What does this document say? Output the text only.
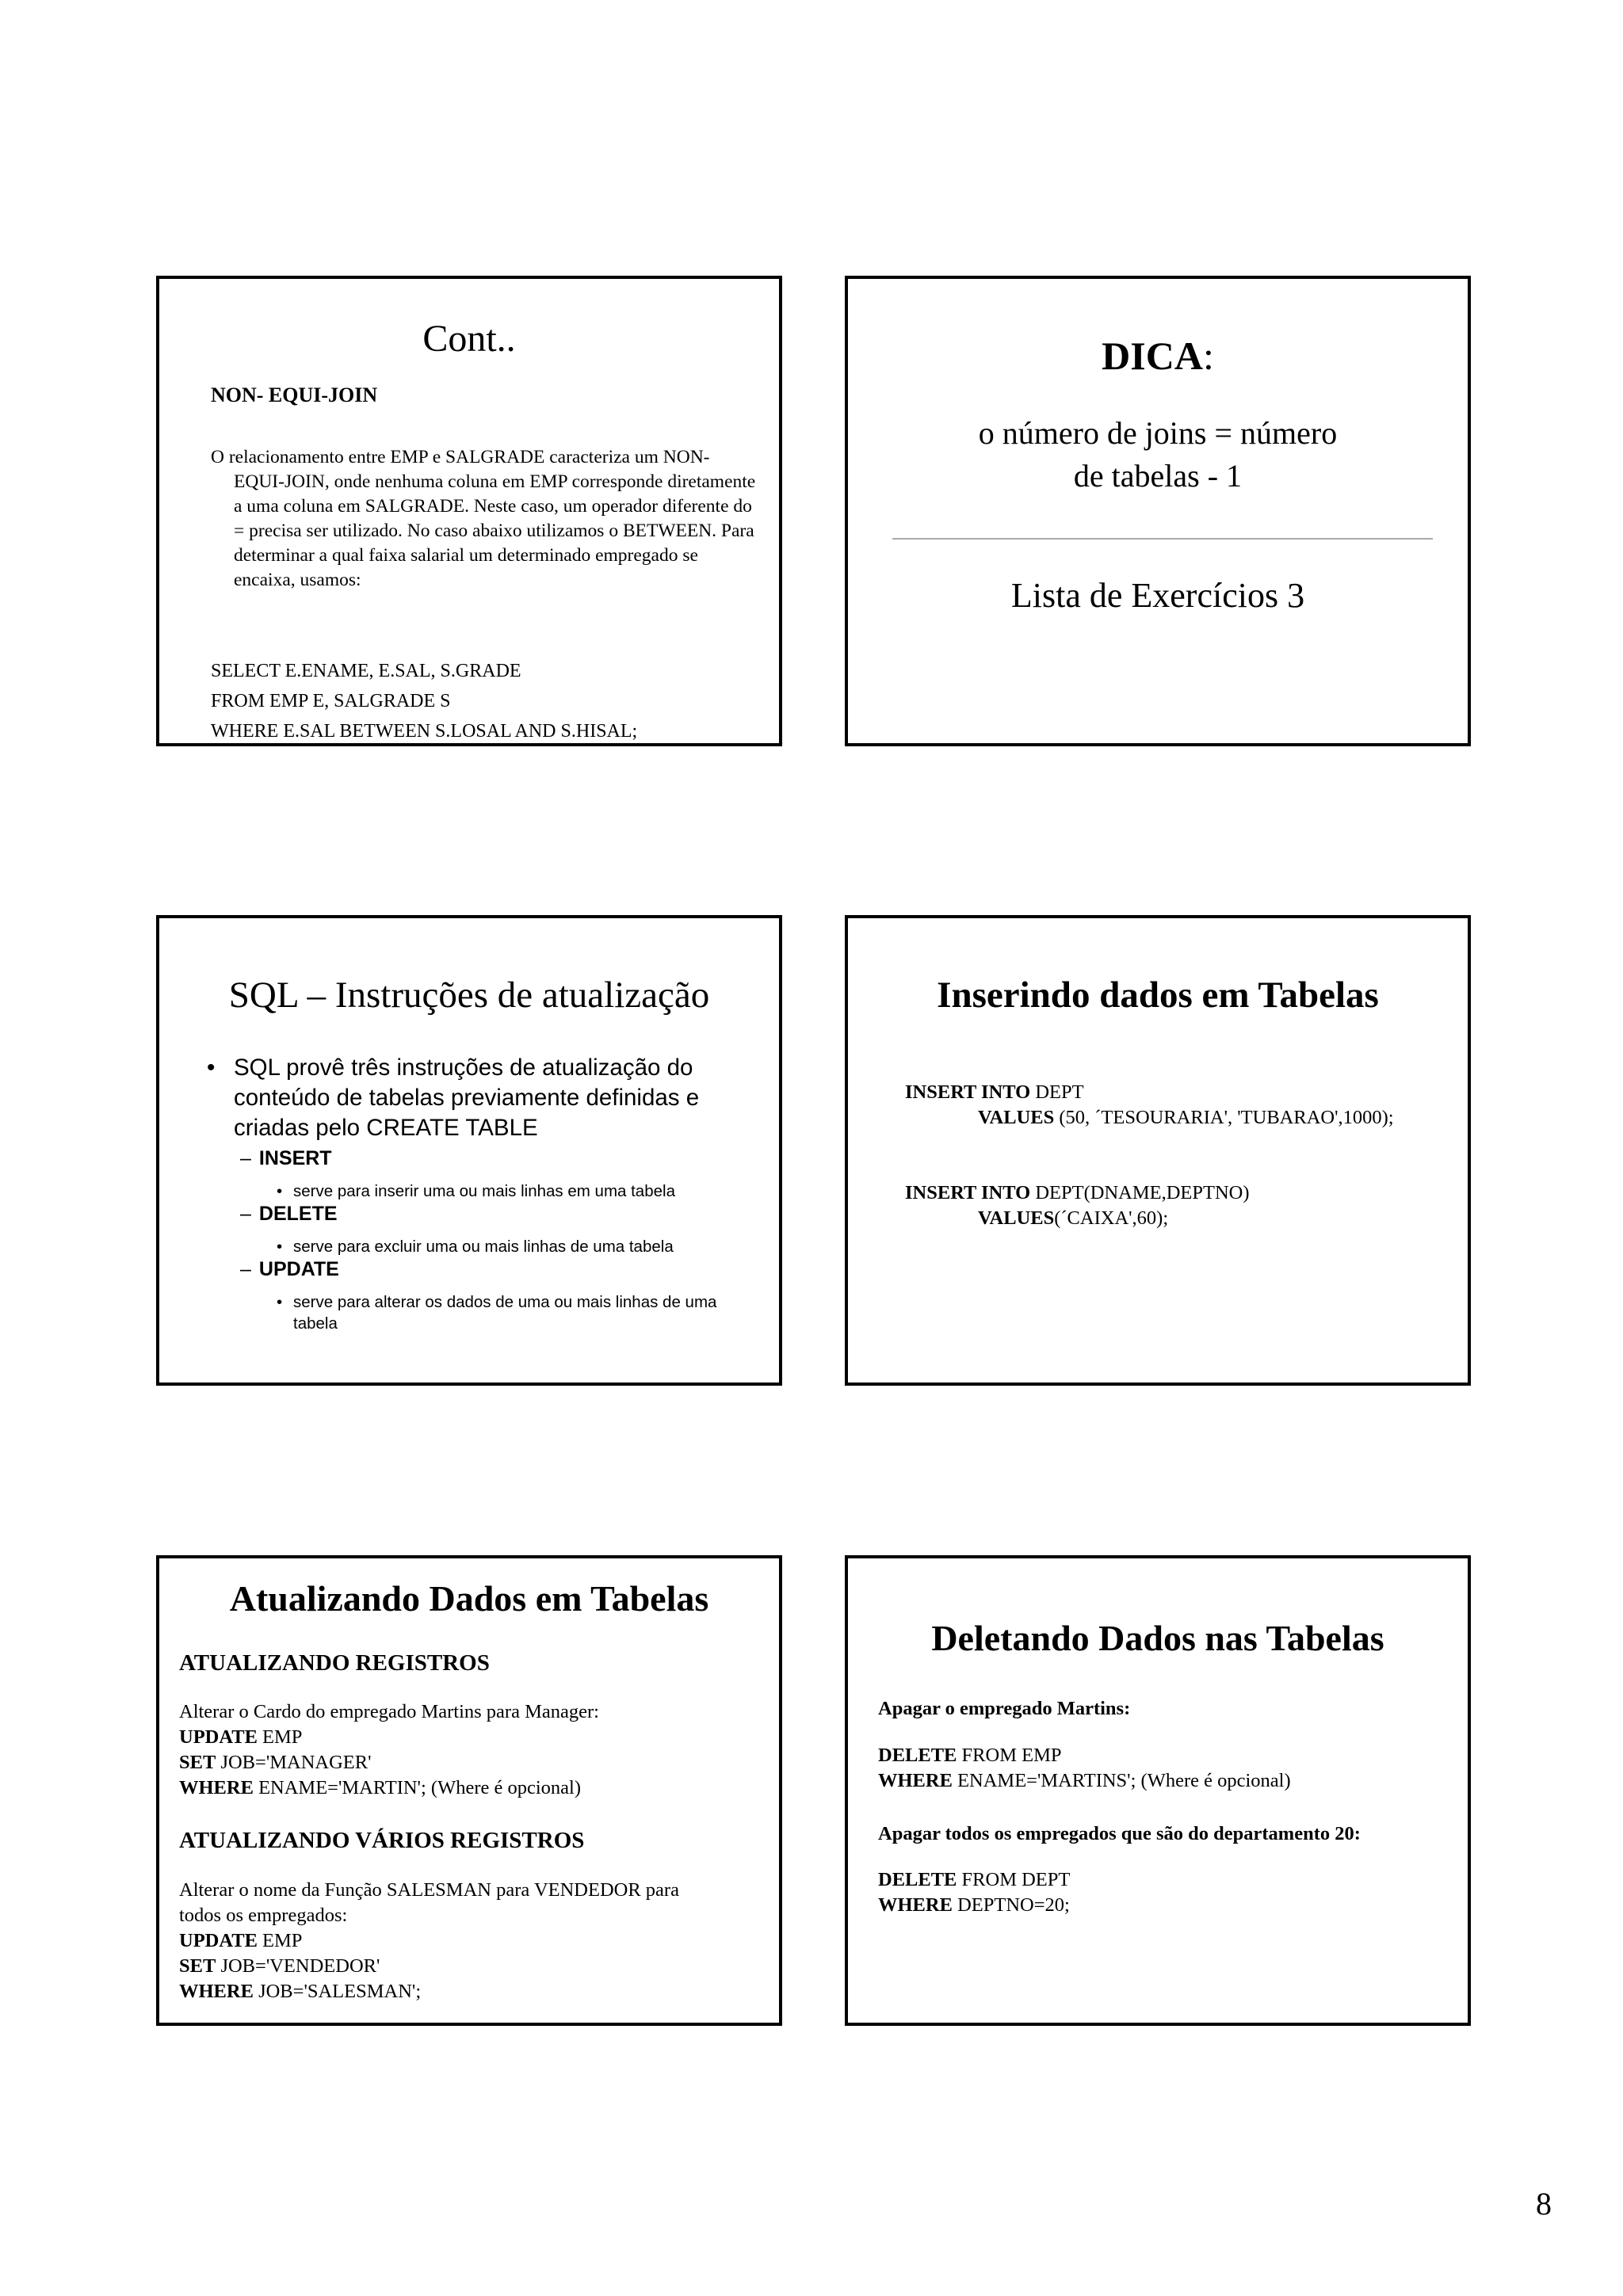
Cont..
NON- EQUI-JOIN
O relacionamento entre EMP e SALGRADE caracteriza um NON-EQUI-JOIN, onde nenhuma coluna em EMP corresponde diretamente a uma coluna em SALGRADE. Neste caso, um operador diferente do = precisa ser utilizado. No caso abaixo utilizamos o BETWEEN. Para determinar a qual faixa salarial um determinado empregado se encaixa, usamos:
SELECT E.ENAME, E.SAL, S.GRADE
FROM EMP E, SALGRADE S
WHERE E.SAL BETWEEN S.LOSAL AND S.HISAL;
DICA:
o número de joins = número
de tabelas - 1
Lista de Exercícios 3
SQL – Instruções de atualização
• SQL provê três instruções de atualização do conteúdo de tabelas previamente definidas e criadas pelo CREATE TABLE
– INSERT
• serve para inserir uma ou mais linhas em uma tabela
– DELETE
• serve para excluir uma ou mais linhas de uma tabela
– UPDATE
• serve para alterar os dados de uma ou mais linhas de uma tabela
Inserindo dados em Tabelas
INSERT INTO DEPT
VALUES (50, ´TESOURARIA', 'TUBARAO',1000);
INSERT INTO DEPT(DNAME,DEPTNO)
VALUES(´CAIXA',60);
Atualizando Dados em Tabelas
ATUALIZANDO REGISTROS
Alterar o Cardo do empregado Martins para Manager:
UPDATE EMP
SET JOB='MANAGER'
WHERE ENAME='MARTIN'; (Where é opcional)
ATUALIZANDO VÁRIOS REGISTROS
Alterar o nome da Função SALESMAN para VENDEDOR para
todos os empregados:
UPDATE EMP
SET JOB='VENDEDOR'
WHERE JOB='SALESMAN';
Deletando Dados nas Tabelas
Apagar o empregado Martins:
DELETE FROM EMP
WHERE ENAME='MARTINS'; (Where é opcional)
Apagar todos os empregados que são do departamento 20:
DELETE FROM DEPT
WHERE DEPTNO=20;
8
